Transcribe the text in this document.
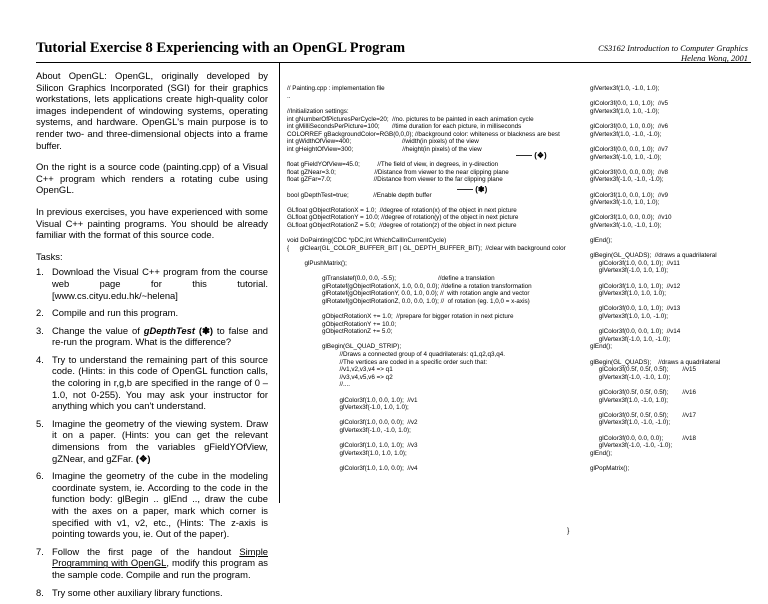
Tutorial Exercise 8 Experiencing with an OpenGL Program	CS3162 Introduction to Computer Graphics
Helena Wong, 2001

About OpenGL: OpenGL, originally developed by Silicon Graphics Incorporated (SGI) for their graphics workstations, lets applications create high-quality color images independent of windowing systems, operating systems, and hardware. OpenGL's main purpose is to render two- and three-dimensional objects into a frame buffer.

On the right is a source code (painting.cpp) of a Visual C++ program which renders a rotating cube using OpenGL.

In previous exercises, you have experienced with some Visual C++ painting programs. You should be already familiar with the format of this source code.

Tasks:

1. Download the Visual C++ program from the course web page for this tutorial. [www.cs.cityu.edu.hk/~helena]
2. Compile and run this program.
3. Change the value of gDepthTest (❃) to false and re-run the program. What is the difference?
4. Try to understand the remaining part of this source code. (Hints: in this code of OpenGL function calls, the coloring in r,g,b are specified in the range of 0 – 1.0, not 0-255). You may ask your instructor for anything which you can't understand.
5. Imagine the geometry of the viewing system. Draw it on a paper. (Hints: you can get the relevant dimensions from the variables gFieldYOfView, gZNear, and gZFar. (❖)
6. Imagine the geometry of the cube in the modeling coordinate system, ie. According to the code in the function body: glBegin .. glEnd .., draw the cube with the axes on a paper, mark which corner is specified with v1, v2, etc., (Hints: The z-axis is pointing towards you, ie. Out of the paper).
7. Follow the first page of the handout Simple Programming with OpenGL, modify this program as the sample code. Compile and run the program.
8. Try some other auxiliary library functions.

// Painting.cpp : implementation file
..

//Initialization settings:
int gNumberOfPicturesPerCycle=20;  //no. pictures to be painted in each animation cycle
int gMilliSecondsPerPicture=100;       //time duration for each picture, in milliseconds
COLORREF gBackgroundColor=RGB(0,0,0); //background color: whiteness or blackness are best
int gWidthOfView=400;                             //width(in pixels) of the view
int gHeightOfView=300;                            //height(in pixels) of the view

float gFieldYOfView=45.0;          //The field of view, in degrees, in y-direction
float gZNear=3.0;                      //Distance from viewer to the near clipping plane
float gZFar=7.0;                        //Distance from viewer to the far clipping plane

bool gDepthTest=true;              //Enable depth buffer

GLfloat gObjectRotationX = 1.0;  //degree of rotation(x) of the object in next picture
GLfloat gObjectRotationY = 10.0; //degree of rotation(y) of the object in next picture
GLfloat gObjectRotationZ = 5.0;  //degree of rotation(z) of the object in next picture

void DoPainting(CDC *pDC,int WhichCallInCurrentCycle)
{      glClear(GL_COLOR_BUFFER_BIT | GL_DEPTH_BUFFER_BIT);  //clear with background color

glPushMatrix();

glTranslatef(0.0, 0.0, -5.5);                        //define a translation
glRotatef(gObjectRotationX, 1.0, 0.0, 0.0); //define a rotation transformation
glRotatef(gObjectRotationY, 0.0, 1.0, 0.0); //  with rotation angle and vector
glRotatef(gObjectRotationZ, 0.0, 0.0, 1.0); //  of rotation (eg. 1,0,0 = x-axis)

gObjectRotationX += 1.0;  //prepare for bigger rotation in next picture
gObjectRotationY += 10.0;
gObjectRotationZ += 5.0;

glBegin(GL_QUAD_STRIP);
//Draws a connected group of 4 quadrilaterals: q1,q2,q3,q4.
//The vertices are coded in a specific order such that:
//v1,v2,v3,v4 => q1
//v3,v4,v5,v6 => q2
//....

glColor3f(1.0, 0.0, 1.0);  //v1
glVertex3f(-1.0, 1.0, 1.0);

glColor3f(1.0, 0.0, 0.0);  //v2
glVertex3f(-1.0, -1.0, 1.0);

glColor3f(1.0, 1.0, 1.0);  //v3
glVertex3f(1.0, 1.0, 1.0);

glColor3f(1.0, 1.0, 0.0);  //v4

—— (❖)
—— (❃)

glVertex3f(1.0, -1.0, 1.0);

glColor3f(0.0, 1.0, 1.0);  //v5
glVertex3f(1.0, 1.0, -1.0);

glColor3f(0.0, 1.0, 0.0);  //v6
glVertex3f(1.0, -1.0, -1.0);

glColor3f(0.0, 0.0, 1.0);  //v7
glVertex3f(-1.0, 1.0, -1.0);

glColor3f(0.0, 0.0, 0.0);  //v8
glVertex3f(-1.0, -1.0, -1.0);

glColor3f(1.0, 0.0, 1.0);  //v9
glVertex3f(-1.0, 1.0, 1.0);

glColor3f(1.0, 0.0, 0.0);  //v10
glVertex3f(-1.0, -1.0, 1.0);

glEnd();

glBegin(GL_QUADS);  //draws a quadrilateral
glColor3f(1.0, 0.0, 1.0);  //v11
glVertex3f(-1.0, 1.0, 1.0);

glColor3f(1.0, 1.0, 1.0);  //v12
glVertex3f(1.0, 1.0, 1.0);

glColor3f(0.0, 1.0, 1.0);  //v13
glVertex3f(1.0, 1.0, -1.0);

glColor3f(0.0, 0.0, 1.0);  //v14
glVertex3f(-1.0, 1.0, -1.0);
glEnd();

glBegin(GL_QUADS);    //draws a quadrilateral
glColor3f(0.5f, 0.5f, 0.5f);        //v15
glVertex3f(-1.0, -1.0, 1.0);

glColor3f(0.5f, 0.5f, 0.5f);        //v16
glVertex3f(1.0, -1.0, 1.0);

glColor3f(0.5f, 0.5f, 0.5f);        //v17
glVertex3f(1.0, -1.0, -1.0);

glColor3f(0.0, 0.0, 0.0);           //v18
glVertex3f(-1.0, -1.0, -1.0);
glEnd();

glPopMatrix();

}
